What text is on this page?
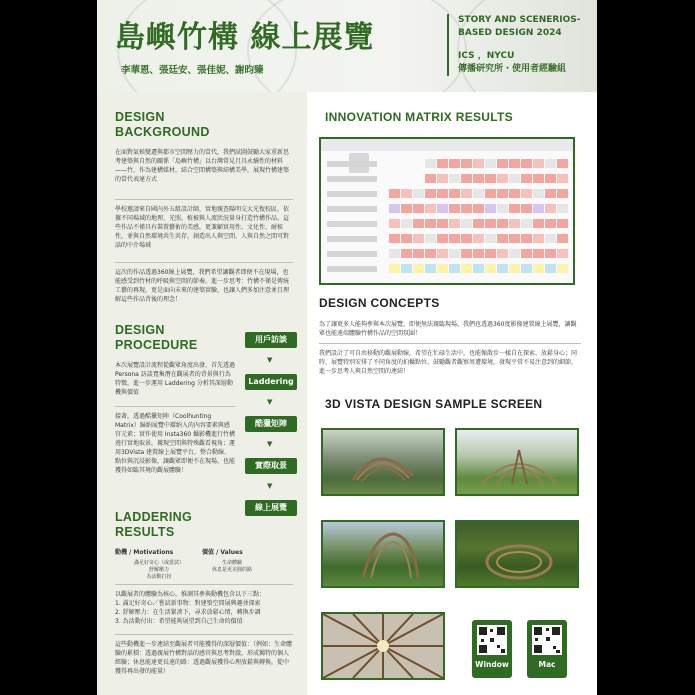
島嶼竹構 線上展覽
李華恩、張廷安、張佳妮、謝昀臻
STORY AND SCENERIOS-
BASED DESIGN 2024
ICS ，NYCU
傳播研究所・使用者經驗組
DESIGN
BACKGROUND
在面對氣候變遷與都市空間壓力的當代，我們試圖鼓勵大家重新思考建築與自然的關係「島嶼竹構」以台灣常見且具永續性的材料——竹，作為建構媒材，結合空間構築與結構美學，展現竹構建築的當代表達方式
學校邀請來自國內外五組設計師，實地親查陽明交大光復校區，依據不同場域的地理、光照、植被與人流狀況量身打造竹構作品。這些作品不僅具有裝置藝術的美感，更兼顧實用性、文化性、耐候性，並與自然環境共生共存，創造出人與空間、人與自然之間可對話的中介場域
這次的作品透過360線上展覽，我們希望讓觀者即便不在現場，也能感受到竹材的呼吸與空間的節奏，進一步思考：竹構不僅是傳統工藝的再現，更是面向未來的建築實驗，也讓人們多加注意並且理解這些作品背後的理念！
DESIGN
PROCEDURE
本次展覽設計流程從觀眾角度出發，首先透過 Persona 訪談寬集潛在觀展者的背景與行為特徵，進一步運用 Laddering 分析其深層動機與價值
接著，透過酷獵矩陣（Coolhunting Matrix）歸納展覽中環納入的內容要素與感官元素；實作使用 Insta360 攝影機進行竹構遶行實地取景，據現空間與特殊觀看視角；運用3DVista 建置線上展覽平台，整合動線、點位與沉浸影像，讓觀眾即便不在現場，也能獲得如臨其境的觀展體驗！
用戶訪談
▼
Laddering
▼
酷獵矩陣
▼
實際取景
▼
線上展覽
LADDERING
RESULTS
動機 / Motivations	價值 / Values
滿足好奇心（或當試）
舒解壓力
為活動打扮
生命體驗
休息是更美圓的路
以觀展者的體驗為核心，推測其參與動機包含以下三點：
1. 滿足好奇心／嘗試新事物：對建築空間展興趣並探索
2. 舒解壓力：在生活緊湊下，尋求放鬆心情，轉換步調
3. 為活動付出：希望能夠展望到自己生命的價值
這些動機進一步連結至觀展者可能獲得的深層價值：（例如：生命體驗的累積：透過親展竹構對話的感官與思考對澈，形成獨特的個人經驗；休息能達更長遠的路：透過觀展獲得心理放鬆與轉換，從中獲得再出發的能量）
INNOVATION MATRIX RESULTS
DESIGN CONCEPTS
為了讓更多人能夠參與本次展覽，即便無法親臨現場，我們也透過360度影像建置線上展覽，讓觀眾也能遠端體驗竹構作品的空間氛圍！
我們設計了可自由移動的觀展動線，希望在忙碌生活中，也能像散步一樣自在探索、放鬆身心；同時，展覽特別安排了不同角度的拍攝點位，鼓勵觀者觀察周遭環境，發現平常不易注意到的細節，進一步思考人與自然空間的連結！
3D VISTA DESIGN SAMPLE SCREEN
Window	Mac
